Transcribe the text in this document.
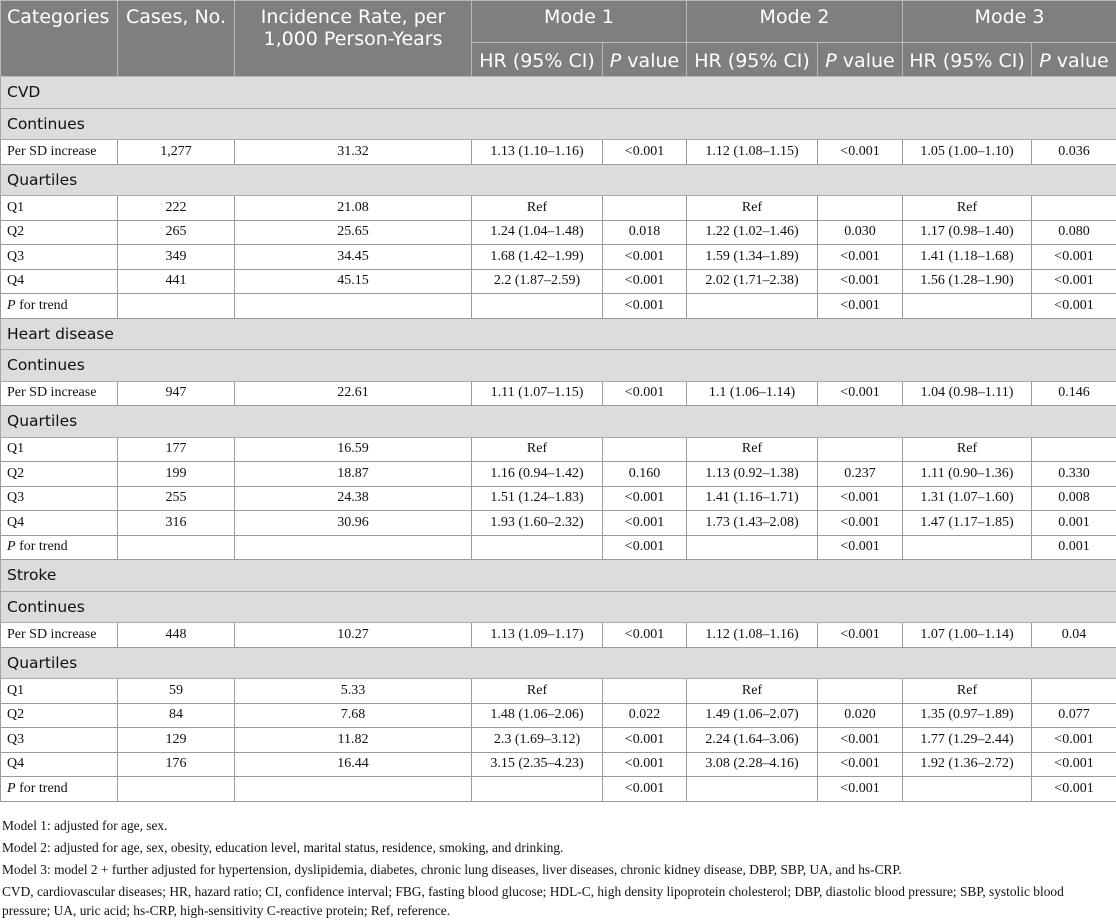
Categories	Cases, No.	Incidence Rate, per 1,000 Person-Years	Mode 1		Mode 2		Mode 3	
			HR (95% CI)	P value	HR (95% CI)	P value	HR (95% CI)	P value
CVD								
Continues								
Per SD increase	1,277	31.32	1.13 (1.10–1.16)	<0.001	1.12 (1.08–1.15)	<0.001	1.05 (1.00–1.10)	0.036
Quartiles								
Q1	222	21.08	Ref		Ref		Ref	
Q2	265	25.65	1.24 (1.04–1.48)	0.018	1.22 (1.02–1.46)	0.030	1.17 (0.98–1.40)	0.080
Q3	349	34.45	1.68 (1.42–1.99)	<0.001	1.59 (1.34–1.89)	<0.001	1.41 (1.18–1.68)	<0.001
Q4	441	45.15	2.2 (1.87–2.59)	<0.001	2.02 (1.71–2.38)	<0.001	1.56 (1.28–1.90)	<0.001
P for trend				<0.001		<0.001		<0.001
Heart disease								
Continues								
Per SD increase	947	22.61	1.11 (1.07–1.15)	<0.001	1.1 (1.06–1.14)	<0.001	1.04 (0.98–1.11)	0.146
Quartiles								
Q1	177	16.59	Ref		Ref		Ref	
Q2	199	18.87	1.16 (0.94–1.42)	0.160	1.13 (0.92–1.38)	0.237	1.11 (0.90–1.36)	0.330
Q3	255	24.38	1.51 (1.24–1.83)	<0.001	1.41 (1.16–1.71)	<0.001	1.31 (1.07–1.60)	0.008
Q4	316	30.96	1.93 (1.60–2.32)	<0.001	1.73 (1.43–2.08)	<0.001	1.47 (1.17–1.85)	0.001
P for trend				<0.001		<0.001		0.001
Stroke								
Continues								
Per SD increase	448	10.27	1.13 (1.09–1.17)	<0.001	1.12 (1.08–1.16)	<0.001	1.07 (1.00–1.14)	0.04
Quartiles								
Q1	59	5.33	Ref		Ref		Ref	
Q2	84	7.68	1.48 (1.06–2.06)	0.022	1.49 (1.06–2.07)	0.020	1.35 (0.97–1.89)	0.077
Q3	129	11.82	2.3 (1.69–3.12)	<0.001	2.24 (1.64–3.06)	<0.001	1.77 (1.29–2.44)	<0.001
Q4	176	16.44	3.15 (2.35–4.23)	<0.001	3.08 (2.28–4.16)	<0.001	1.92 (1.36–2.72)	<0.001
P for trend				<0.001		<0.001		<0.001

Model 1: adjusted for age, sex.

Model 2: adjusted for age, sex, obesity, education level, marital status, residence, smoking, and drinking.

Model 3: model 2 + further adjusted for hypertension, dyslipidemia, diabetes, chronic lung diseases, liver diseases, chronic kidney disease, DBP, SBP, UA, and hs-CRP.

CVD, cardiovascular diseases; HR, hazard ratio; CI, confidence interval; FBG, fasting blood glucose; HDL-C, high density lipoprotein cholesterol; DBP, diastolic blood pressure; SBP, systolic blood pressure; UA, uric acid; hs-CRP, high-sensitivity C-reactive protein; Ref, reference.
